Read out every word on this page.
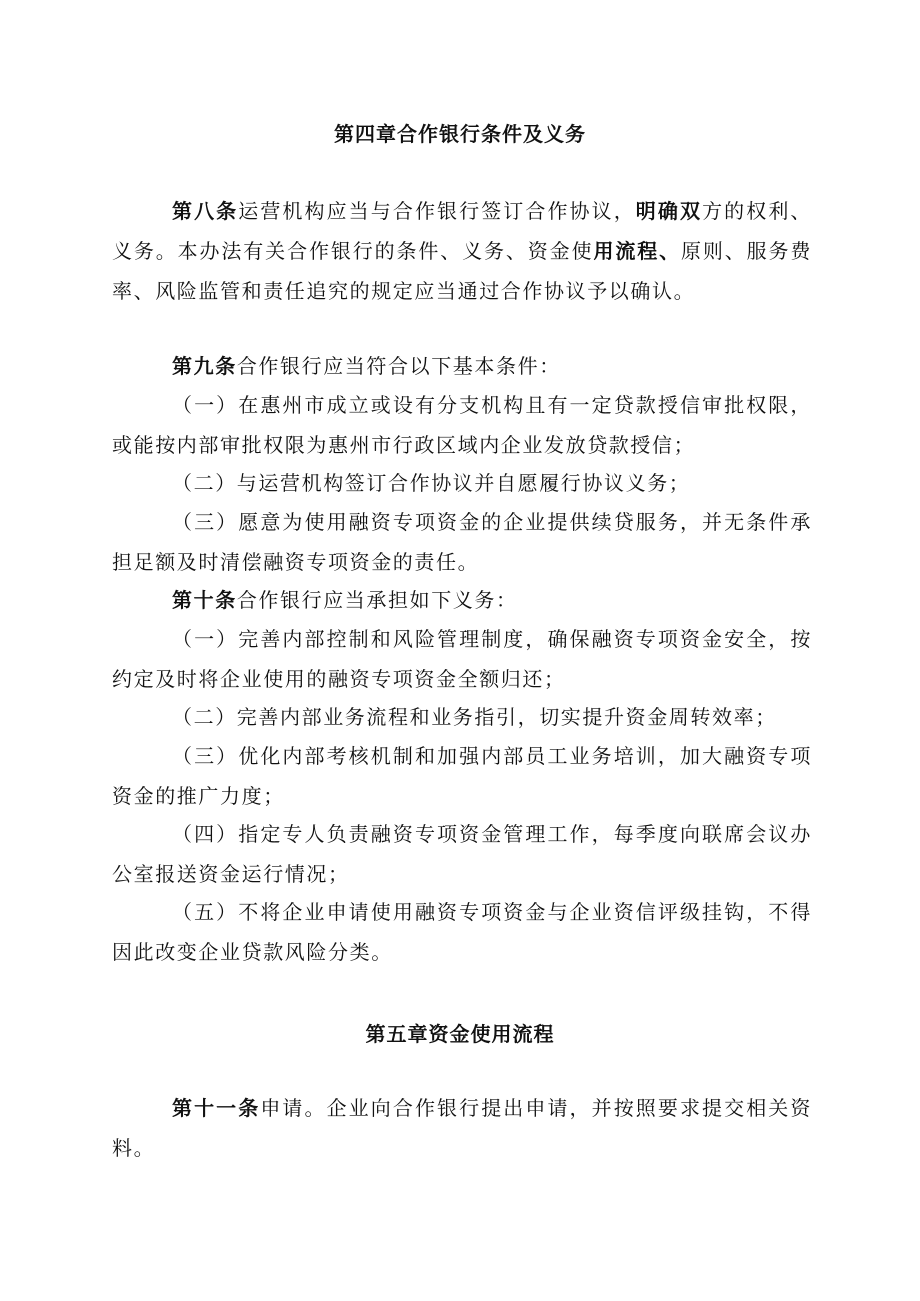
第四章合作银行条件及义务

第八条运营机构应当与合作银行签订合作协议，明确双方的权利、义务。本办法有关合作银行的条件、义务、资金使用流程、原则、服务费率、风险监管和责任追究的规定应当通过合作协议予以确认。

第九条合作银行应当符合以下基本条件：

（一）在惠州市成立或设有分支机构且有一定贷款授信审批权限，或能按内部审批权限为惠州市行政区域内企业发放贷款授信；

（二）与运营机构签订合作协议并自愿履行协议义务；

（三）愿意为使用融资专项资金的企业提供续贷服务，并无条件承担足额及时清偿融资专项资金的责任。

第十条合作银行应当承担如下义务：

（一）完善内部控制和风险管理制度，确保融资专项资金安全，按约定及时将企业使用的融资专项资金全额归还；

（二）完善内部业务流程和业务指引，切实提升资金周转效率；

（三）优化内部考核机制和加强内部员工业务培训，加大融资专项资金的推广力度；

（四）指定专人负责融资专项资金管理工作，每季度向联席会议办公室报送资金运行情况；

（五）不将企业申请使用融资专项资金与企业资信评级挂钩，不得因此改变企业贷款风险分类。

第五章资金使用流程

第十一条申请。企业向合作银行提出申请，并按照要求提交相关资料。
